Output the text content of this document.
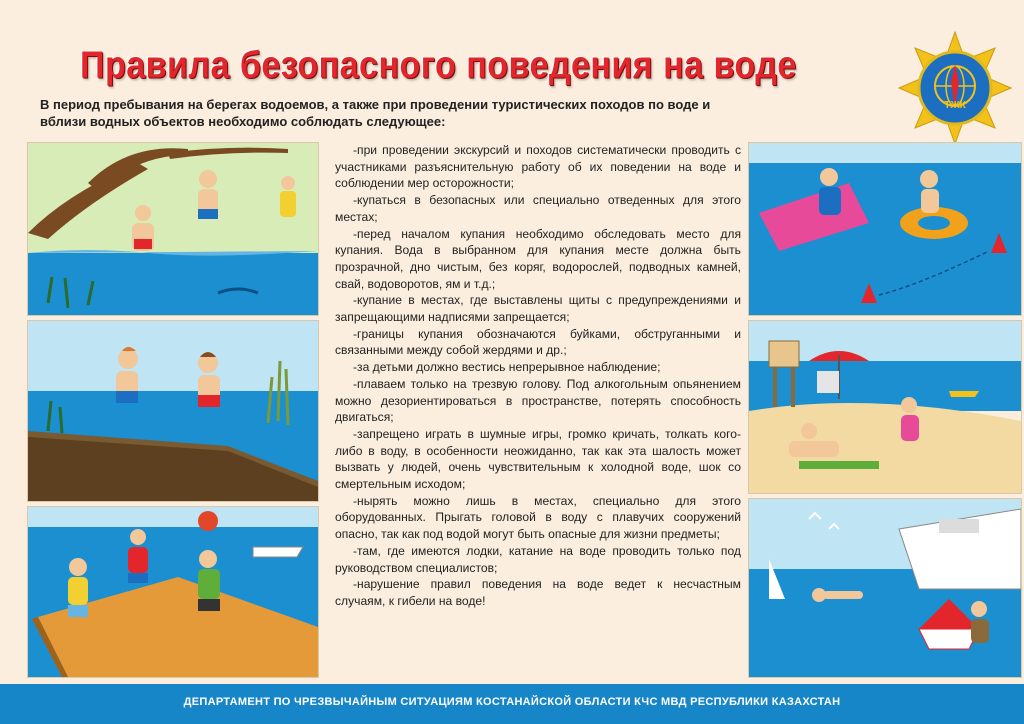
Правила безопасного поведения на воде
В период пребывания на берегах водоемов, а также при проведении туристических походов по воде и вблизи водных объектов необходимо соблюдать следующее:
ТЖК

-при проведении экскурсий и походов систематически проводить с участниками разъяснительную работу об их поведении на воде и соблюдении мер осторожности;

-купаться в безопасных или специально отведенных для этого местах;

-перед началом купания необходимо обследовать место для купания. Вода в выбранном для купания месте должна быть прозрачной, дно чистым, без коряг, водорослей, подводных камней, свай, водоворотов, ям и т.д.;

-купание в местах, где выставлены щиты с предупреждениями и запрещающими надписями запрещается;

-границы купания обозначаются буйками, обструганными и связанными между собой жердями и др.;

-за детьми должно вестись непрерывное наблюдение;

-плаваем только на трезвую голову. Под алкогольным опьянением можно дезориентироваться в пространстве, потерять способность двигаться;

-запрещено играть в шумные игры, громко кричать, толкать кого-либо в воду, в особенности неожиданно, так как эта шалость может вызвать у людей, очень чувствительным к холодной воде, шок со смертельным исходом;

-нырять можно лишь в местах, специально для этого оборудованных. Прыгать головой в воду с плавучих сооружений опасно, так как под водой могут быть опасные для жизни предметы;

-там, где имеются лодки, катание на воде проводить только под руководством специалистов;

-нарушение правил поведения на воде ведет к несчастным случаям, к гибели на воде!

ДЕПАРТАМЕНТ ПО ЧРЕЗВЫЧАЙНЫМ СИТУАЦИЯМ КОСТАНАЙСКОЙ ОБЛАСТИ КЧС МВД РЕСПУБЛИКИ КАЗАХСТАН
